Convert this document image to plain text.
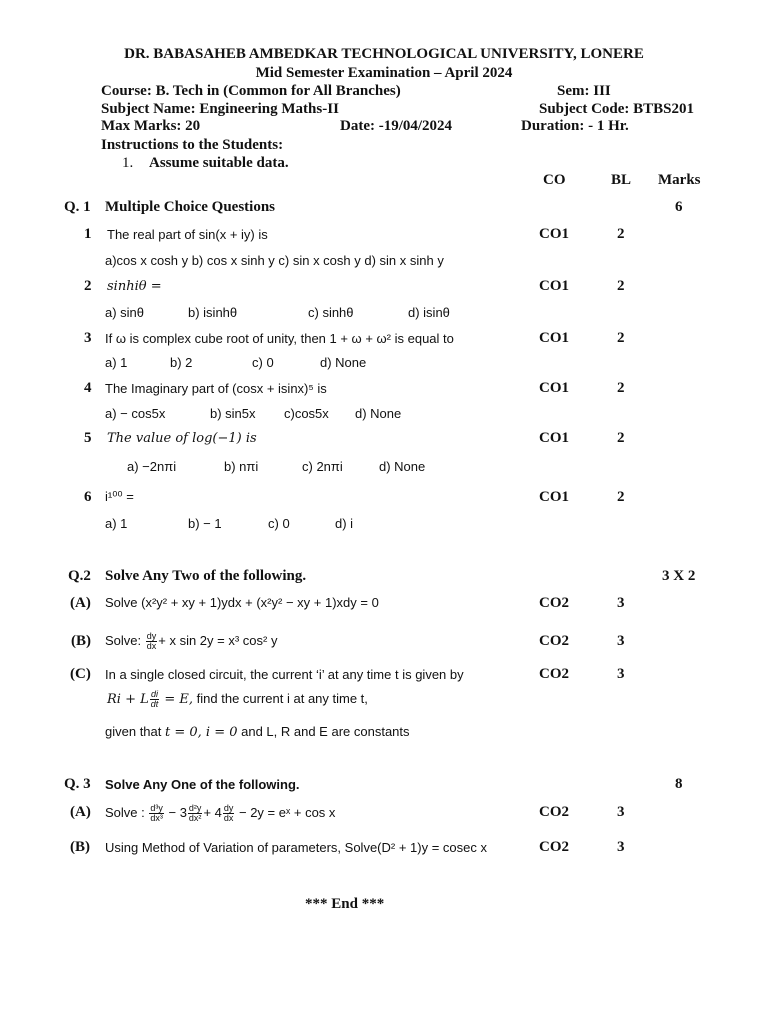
DR. BABASAHEB AMBEDKAR TECHNOLOGICAL UNIVERSITY, LONERE
Mid Semester Examination – April 2024
Course: B. Tech in (Common for All Branches)	Sem: III
Subject Name: Engineering Maths-II	Subject Code: BTBS201
Max Marks: 20	Date: -19/04/2024	Duration: - 1 Hr.
Instructions to the Students:
1. Assume suitable data.
CO	BL Marks
Q. 1 Multiple Choice Questions	6
1 The real part of sin(x + iy) is	CO1	2
a)cos x cosh y b) cos x sinh y c) sin x cosh y d) sin x sinh y
2 sinhiθ =	CO1	2
a) sinθ	b) isinhθ	c) sinhθ	d) isinθ
3 If ω is complex cube root of unity, then 1 + ω + ω² is equal to	CO1	2
a) 1	b) 2	c) 0	d) None
4 The Imaginary part of (cosx + isinx)⁵ is	CO1	2
a) − cos5x	b) sin5x c)cos5x d) None
5 The value of log(−1) is	CO1	2
a) −2nπi	b) nπi	c) 2nπi	d) None
6 i¹⁰⁰ =	CO1	2
a) 1	b) − 1	c) 0	d) i
Q.2 Solve Any Two of the following.	3 X 2
(A) Solve (x²y² + xy + 1)ydx + (x²y² − xy + 1)xdy = 0	CO2	3
(B) Solve: $\frac{dy}{dx} + x$ sin 2y = x³ cos² y	CO2	3
(C) In a single closed circuit, the current ‘i’ at any time t is given by	CO2	3
Ri + L $\frac{di}{dt} = E$, find the current i at any time t,
given that t = 0, i = 0 and L, R and E are constants
Q. 3 Solve Any One of the following.	8
(A) Solve : $\frac{\text{d³y}}{\text{dx³}} - 3 \frac{\text{d²y}}{\text{dx²}} + 4 \frac{dy}{dx} - 2y$ = eˣ + cos x	CO2	3
(B) Using Method of Variation of parameters, Solve(D² + 1)y = cosec x	CO2	3
*** End ***
